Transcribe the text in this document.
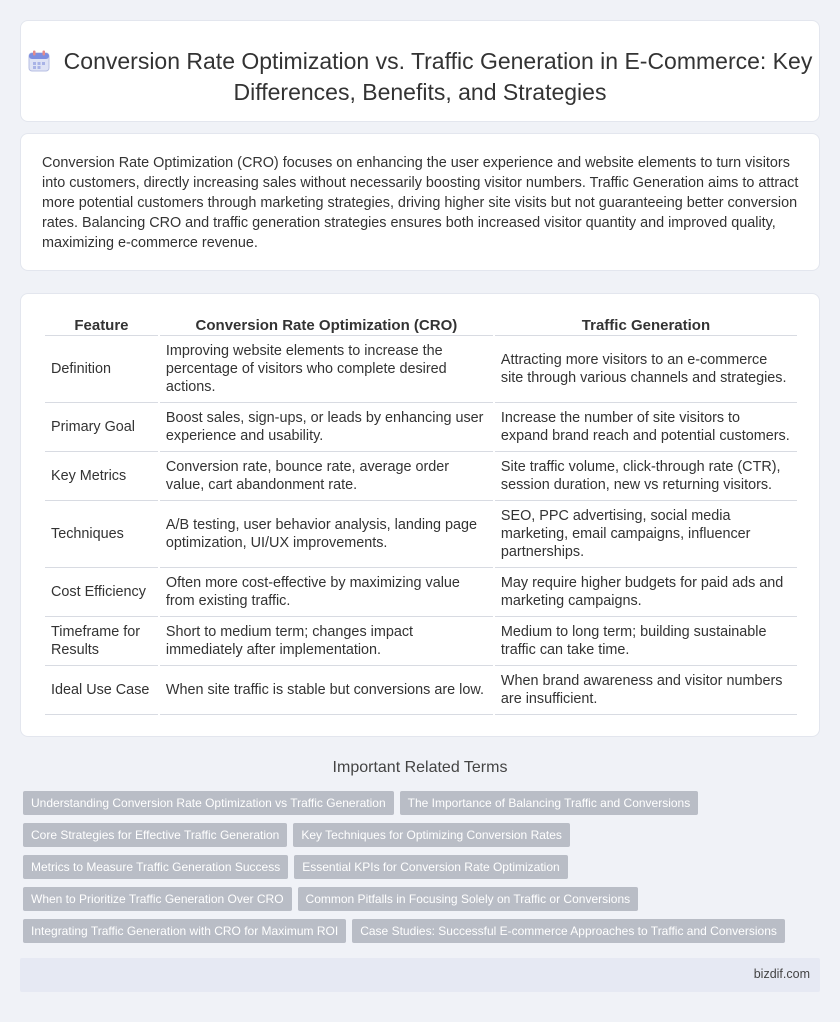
Conversion Rate Optimization vs. Traffic Generation in E-Commerce: Key Differences, Benefits, and Strategies
Conversion Rate Optimization (CRO) focuses on enhancing the user experience and website elements to turn visitors into customers, directly increasing sales without necessarily boosting visitor numbers. Traffic Generation aims to attract more potential customers through marketing strategies, driving higher site visits but not guaranteeing better conversion rates. Balancing CRO and traffic generation strategies ensures both increased visitor quantity and improved quality, maximizing e-commerce revenue.
Feature	Conversion Rate Optimization (CRO)	Traffic Generation
Definition	Improving website elements to increase the percentage of visitors who complete desired actions.	Attracting more visitors to an e-commerce site through various channels and strategies.
Primary Goal	Boost sales, sign-ups, or leads by enhancing user experience and usability.	Increase the number of site visitors to expand brand reach and potential customers.
Key Metrics	Conversion rate, bounce rate, average order value, cart abandonment rate.	Site traffic volume, click-through rate (CTR), session duration, new vs returning visitors.
Techniques	A/B testing, user behavior analysis, landing page optimization, UI/UX improvements.	SEO, PPC advertising, social media marketing, email campaigns, influencer partnerships.
Cost Efficiency	Often more cost-effective by maximizing value from existing traffic.	May require higher budgets for paid ads and marketing campaigns.
Timeframe for Results	Short to medium term; changes impact immediately after implementation.	Medium to long term; building sustainable traffic can take time.
Ideal Use Case	When site traffic is stable but conversions are low.	When brand awareness and visitor numbers are insufficient.
Important Related Terms
Understanding Conversion Rate Optimization vs Traffic Generation The Importance of Balancing Traffic and Conversions
Core Strategies for Effective Traffic Generation Key Techniques for Optimizing Conversion Rates
Metrics to Measure Traffic Generation Success Essential KPIs for Conversion Rate Optimization
When to Prioritize Traffic Generation Over CRO Common Pitfalls in Focusing Solely on Traffic or Conversions
Integrating Traffic Generation with CRO for Maximum ROI Case Studies: Successful E-commerce Approaches to Traffic and Conversions
bizdif.com
